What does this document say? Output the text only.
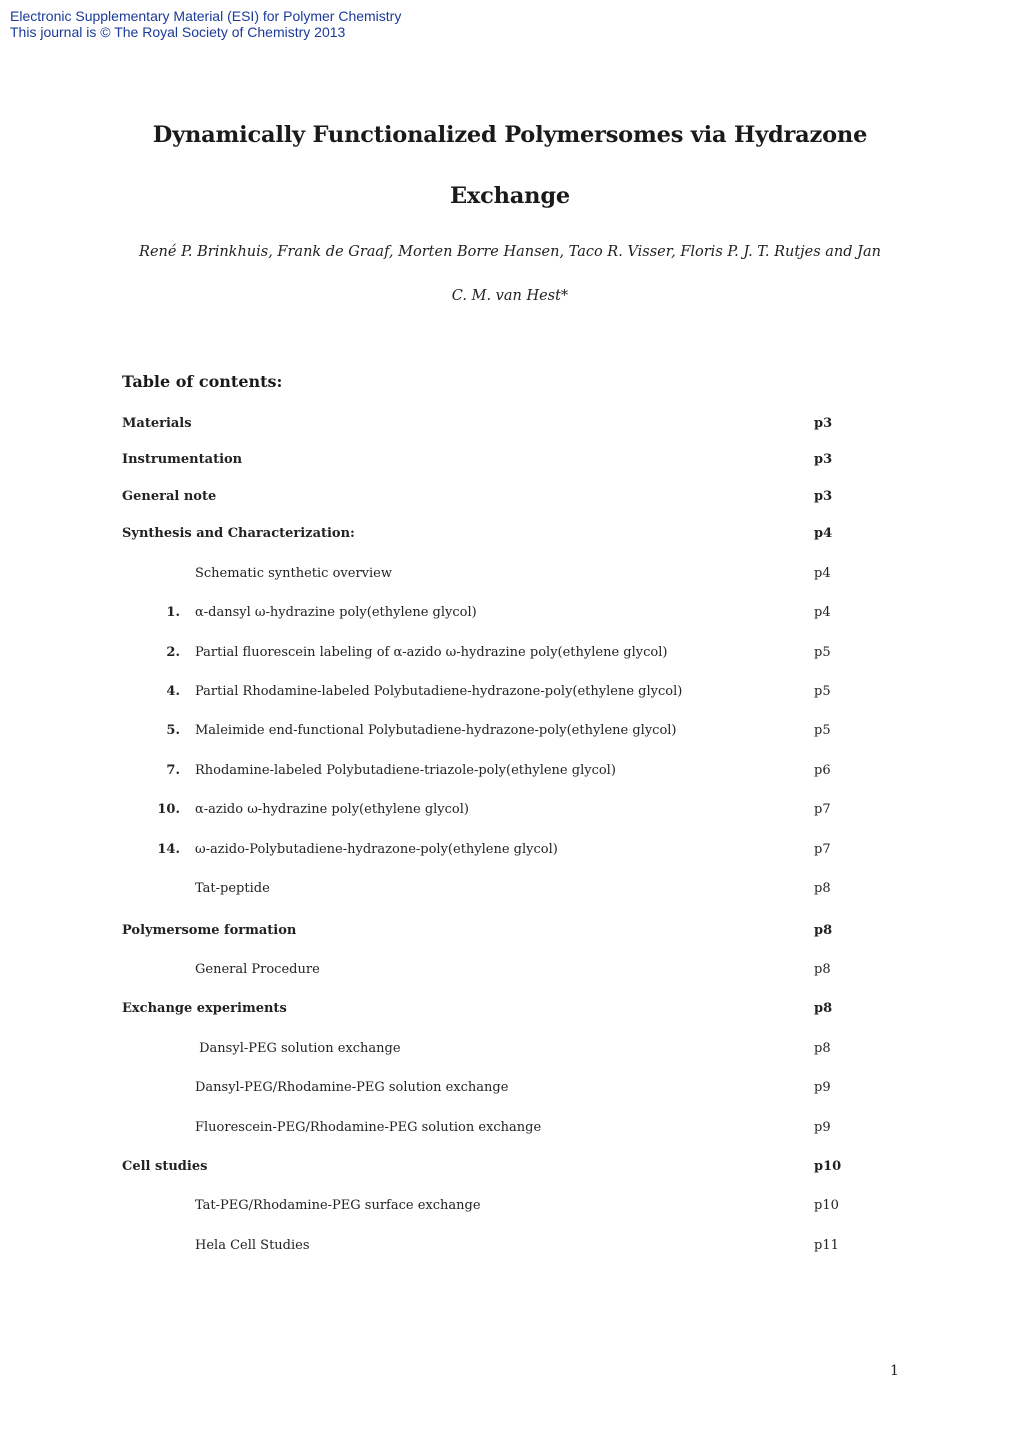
Electronic Supplementary Material (ESI) for Polymer Chemistry
This journal is © The Royal Society of Chemistry 2013
Dynamically Functionalized Polymersomes via Hydrazone
Exchange
René P. Brinkhuis, Frank de Graaf, Morten Borre Hansen, Taco R. Visser, Floris P. J. T. Rutjes and Jan
C. M. van Hest*
Table of contents:
Materials	p3
Instrumentation	p3
General note	p3
Synthesis and Characterization:	p4
Schematic synthetic overview	p4
1. α-dansyl ω-hydrazine poly(ethylene glycol)	p4
2. Partial fluorescein labeling of α-azido ω-hydrazine poly(ethylene glycol)	p5
4. Partial Rhodamine-labeled Polybutadiene-hydrazone-poly(ethylene glycol)	p5
5. Maleimide end-functional Polybutadiene-hydrazone-poly(ethylene glycol)	p5
7. Rhodamine-labeled Polybutadiene-triazole-poly(ethylene glycol)	p6
10. α-azido ω-hydrazine poly(ethylene glycol)	p7
14. ω-azido-Polybutadiene-hydrazone-poly(ethylene glycol)	p7
Tat-peptide	p8
Polymersome formation	p8
General Procedure	p8
Exchange experiments	p8
Dansyl-PEG solution exchange	p8
Dansyl-PEG/Rhodamine-PEG solution exchange	p9
Fluorescein-PEG/Rhodamine-PEG solution exchange	p9
Cell studies	p10
Tat-PEG/Rhodamine-PEG surface exchange	p10
Hela Cell Studies	p11
1
